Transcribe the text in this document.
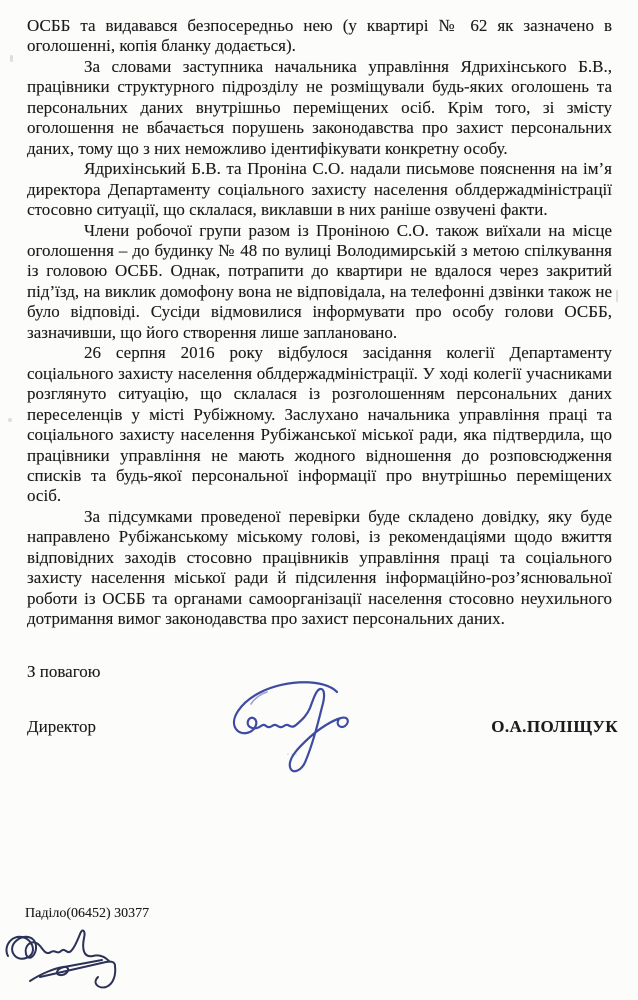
ОСББ та видавався безпосередньо нею (у квартирі № 62 як зазначено в
оголошенні, копія бланку додається).
За словами заступника начальника управління Ядрихінського Б.В.,
працівники структурного підрозділу не розміщували будь-яких оголошень та
персональних даних внутрішньо переміщених осіб. Крім того, зі змісту
оголошення не вбачається порушень законодавства про захист персональних
даних, тому що з них неможливо ідентифікувати конкретну особу.
Ядрихінський Б.В. та Проніна С.О. надали письмове пояснення на ім’я
директора Департаменту соціального захисту населення облдержадміністрації
стосовно ситуації, що склалася, виклавши в них раніше озвучені факти.
Члени робочої групи разом із Проніною С.О. також виїхали на місце
оголошення – до будинку № 48 по вулиці Володимирській з метою спілкування
із головою ОСББ. Однак, потрапити до квартири не вдалося через закритий
під’їзд, на виклик домофону вона не відповідала, на телефонні дзвінки також не
було відповіді. Сусіди відмовилися інформувати про особу голови ОСББ,
зазначивши, що його створення лише заплановано.
26 серпня 2016 року відбулося засідання колегії Департаменту
соціального захисту населення облдержадміністрації. У ході колегії учасниками
розглянуто ситуацію, що склалася із розголошенням персональних даних
переселенців у місті Рубіжному. Заслухано начальника управління праці та
соціального захисту населення Рубіжанської міської ради, яка підтвердила, що
працівники управління не мають жодного відношення до розповсюдження
списків та будь-якої персональної інформації про внутрішньо переміщених
осіб.
За підсумками проведеної перевірки буде складено довідку, яку буде
направлено Рубіжанському міському голові, із рекомендаціями щодо вжиття
відповідних заходів стосовно працівників управління праці та соціального
захисту населення міської ради й підсилення інформаційно-роз’яснювальної
роботи із ОСББ та органами самоорганізації населення стосовно неухильного
дотримання вимог законодавства про захист персональних даних.
З повагою
…
Директор	О.А.ПОЛІЩУК
Паділо(06452) 30377
